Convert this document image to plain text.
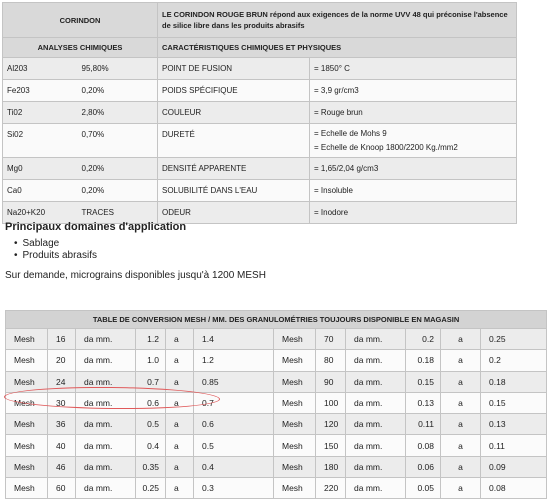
CORINDON		LE CORINDON ROUGE BRUN répond aux exigences de la norme UVV 48 qui préconise l'absence de silice libre dans les produits abrasifs	
ANALYSES CHIMIQUES		CARACTÉRISTIQUES CHIMIQUES ET PHYSIQUES	
Al203	95,80%	POINT DE FUSION	= 1850° C
Fe203	0,20%	POIDS SPÉCIFIQUE	= 3,9 gr/cm3
Ti02	2,80%	COULEUR	= Rouge brun
Si02	0,70%	DURETÉ	= Echelle de Mohs 9
= Echelle de Knoop 1800/2200 Kg./mm2

Mg0	0,20%	DENSITÉ APPARENTE	= 1,65/2,04 g/cm3
Ca0	0,20%	SOLUBILITÉ DANS L'EAU	= Insoluble
Na20+K20	TRACES	ODEUR	= Inodore
Principaux domaines d'application
• Sablage
• Produits abrasifs
Sur demande, micrograins disponibles jusqu'à 1200 MESH
TABLE DE CONVERSION MESH / MM. DES GRANULOMÉTRIES TOUJOURS DISPONIBLE EN MAGASIN											
Mesh	16	da mm.	1.2	a	1.4	Mesh	70	da mm.	0.2	a	0.25
Mesh	20	da mm.	1.0	a	1.2	Mesh	80	da mm.	0.18	a	0.2
Mesh	24	da mm.	0.7	a	0.85	Mesh	90	da mm.	0.15	a	0.18
Mesh	30	da mm.	0.6	a	0.7	Mesh	100	da mm.	0.13	a	0.15
Mesh	36	da mm.	0.5	a	0.6	Mesh	120	da mm.	0.11	a	0.13
Mesh	40	da mm.	0.4	a	0.5	Mesh	150	da mm.	0.08	a	0.11
Mesh	46	da mm.	0.35	a	0.4	Mesh	180	da mm.	0.06	a	0.09
Mesh	60	da mm.	0.25	a	0.3	Mesh	220	da mm.	0.05	a	0.08
